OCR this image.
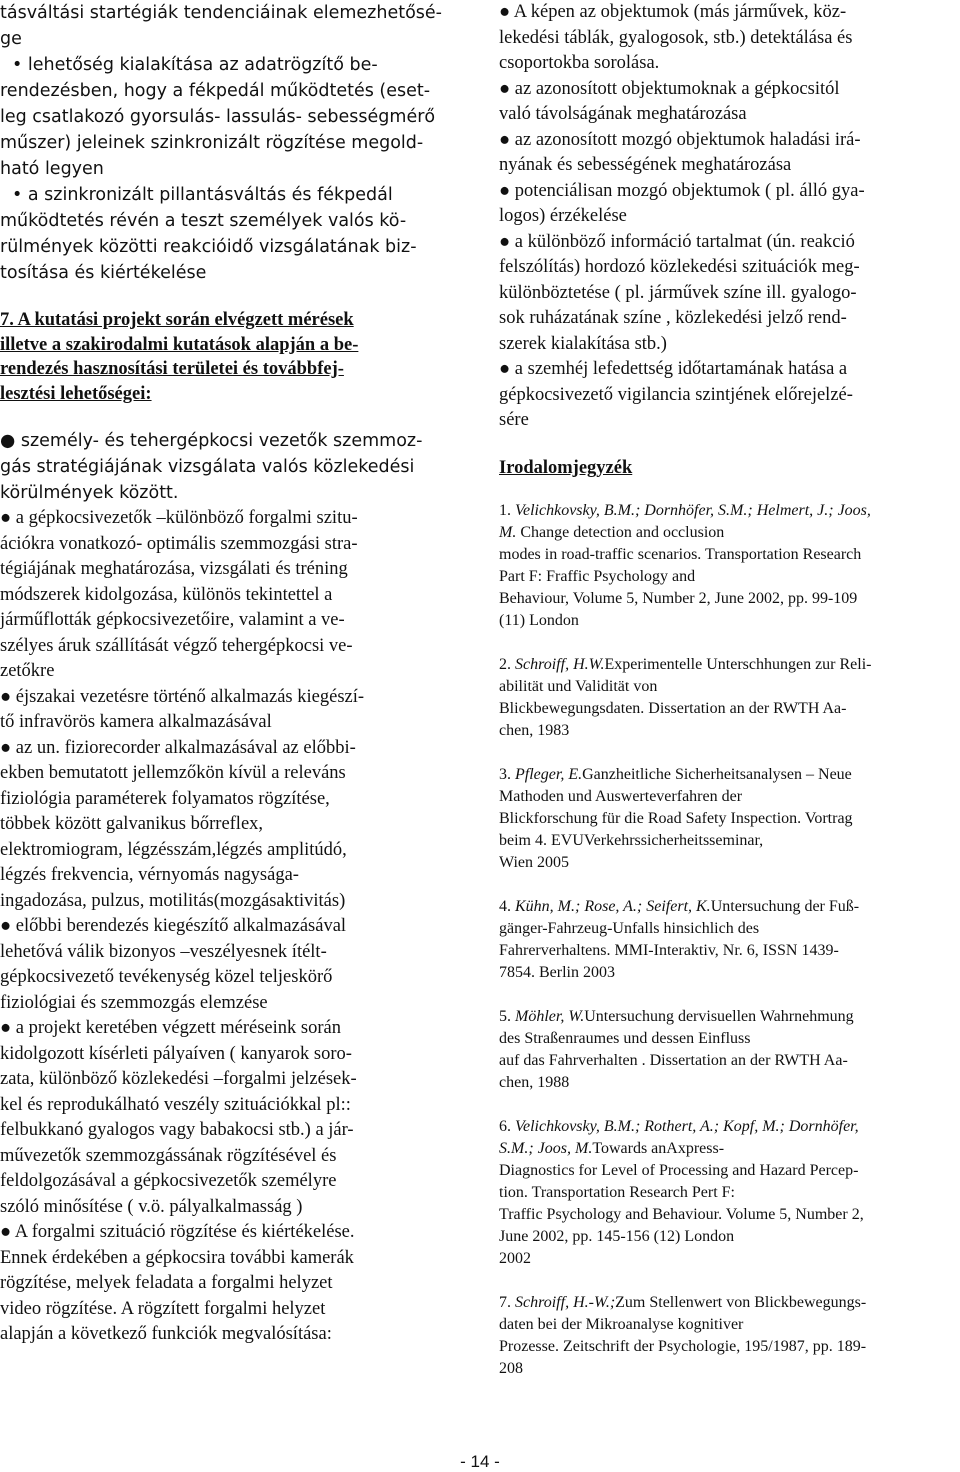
tásváltási startégiák tendenciáinak elemezhetősé-

ge

• lehetőség kialakítása az adatrögzítő be-

rendezésben, hogy a fékpedál működtetés (eset-

leg csatlakozó gyorsulás- lassulás- sebességmérő

műszer) jeleinek szinkronizált rögzítése megold-

ható legyen

• a szinkronizált pillantásváltás és fékpedál

működtetés révén a teszt személyek valós kö-

rülmények közötti reakcióidő vizsgálatának biz-

tosítása és kiértékelése

7. A kutatási projekt során elvégzett mérések

illetve a szakirodalmi kutatások alapján a be-

rendezés hasznosítási területei és továbbfej-

lesztési lehetőségei:

● személy- és tehergépkocsi vezetők szemmoz-

gás stratégiájának vizsgálata valós közlekedési

körülmények között.

● a gépkocsivezetők –különböző forgalmi szitu-

ációkra vonatkozó- optimális szemmozgási stra-

tégiájának meghatározása, vizsgálati és tréning

módszerek kidolgozása, különös tekintettel a

járműflották gépkocsivezetőire, valamint a ve-

szélyes áruk szállítását végző tehergépkocsi ve-

zetőkre

● éjszakai vezetésre történő alkalmazás kiegészí-

tő infravörös kamera alkalmazásával

● az un. fiziorecorder alkalmazásával az előbbi-

ekben bemutatott jellemzőkön kívül a releváns

fiziológia paraméterek folyamatos rögzítése,

többek között galvanikus bőrreflex,

elektromiogram, légzésszám,légzés amplitúdó,

légzés frekvencia, vérnyomás nagysága-

ingadozása, pulzus, motilitás(mozgásaktivitás)

● előbbi berendezés kiegészítő alkalmazásával

lehetővá válik bizonyos –veszélyesnek ítélt-

gépkocsivezető tevékenység közel teljeskörő

fiziológiai és szemmozgás elemzése

● a projekt keretében végzett méréseink során

kidolgozott kísérleti pályaíven ( kanyarok soro-

zata, különböző közlekedési –forgalmi jelzések-

kel és reprodukálható veszély szituációkkal pl::

felbukkanó gyalogos vagy babakocsi stb.) a jár-

művezetők szemmozgássának rögzítésével és

feldolgozásával a gépkocsivezetők személyre

szóló minősítése ( v.ö. pályalkalmasság )

● A forgalmi szituáció rögzítése és kiértékelése.

Ennek érdekében a gépkocsira további kamerák

rögzítése, melyek feladata a forgalmi helyzet

video rögzítése. A rögzített forgalmi helyzet

alapján a következő funkciók megvalósítása:

● A képen az objektumok (más járművek, köz-

lekedési táblák, gyalogosok, stb.) detektálása és

csoportokba sorolása.

● az azonosított objektumoknak a gépkocsitól

való távolságának meghatározása

● az azonosított mozgó objektumok haladási irá-

nyának és sebességének meghatározása

● potenciálisan mozgó objektumok ( pl. álló gya-

logos) érzékelése

● a különböző információ tartalmat (ún. reakció

felszólítás) hordozó közlekedési szituációk meg-

különböztetése ( pl. járművek színe ill. gyalogo-

sok ruházatának színe , közlekedési jelző rend-

szerek kialakítása stb.)

● a szemhéj lefedettség időtartamának hatása a

gépkocsivezető vigilancia szintjének előrejelzé-

sére

Irodalomjegyzék

1. Velichkovsky, B.M.; Dornhöfer, S.M.; Helmert, J.; Joos,

M. Change detection and occlusion

modes in road-traffic scenarios. Transportation Research

Part F: Fraffic Psychology and

Behaviour, Volume 5, Number 2, June 2002, pp. 99-109

(11) London

2. Schroiff, H.W.Experimentelle Unterschhungen zur Reli-

abilität und Validität von

Blickbewegungsdaten. Dissertation an der RWTH Aa-

chen, 1983

3. Pfleger, E.Ganzheitliche Sicherheitsanalysen – Neue

Mathoden und Auswerteverfahren der

Blickforschung für die Road Safety Inspection. Vortrag

beim 4. EVUVerkehrssicherheitsseminar,

Wien 2005

4. Kühn, M.; Rose, A.; Seifert, K.Untersuchung der Fuß-

gänger-Fahrzeug-Unfalls hinsichlich des

Fahrerverhaltens. MMI-Interaktiv, Nr. 6, ISSN 1439-

7854. Berlin 2003

5. Möhler, W.Untersuchung dervisuellen Wahrnehmung

des Straßenraumes und dessen Einfluss

auf das Fahrverhalten . Dissertation an der RWTH Aa-

chen, 1988

6. Velichkovsky, B.M.; Rothert, A.; Kopf, M.; Dornhöfer,

S.M.; Joos, M.Towards anAxpress-

Diagnostics for Level of Processing and Hazard Percep-

tion. Transportation Research Pert F:

Traffic Psychology and Behaviour. Volume 5, Number 2,

June 2002, pp. 145-156 (12) London

2002

7. Schroiff, H.-W.;Zum Stellenwert von Blickbewegungs-

daten bei der Mikroanalyse kognitiver

Prozesse. Zeitschrift der Psychologie, 195/1987, pp. 189-

208

- 14 -
